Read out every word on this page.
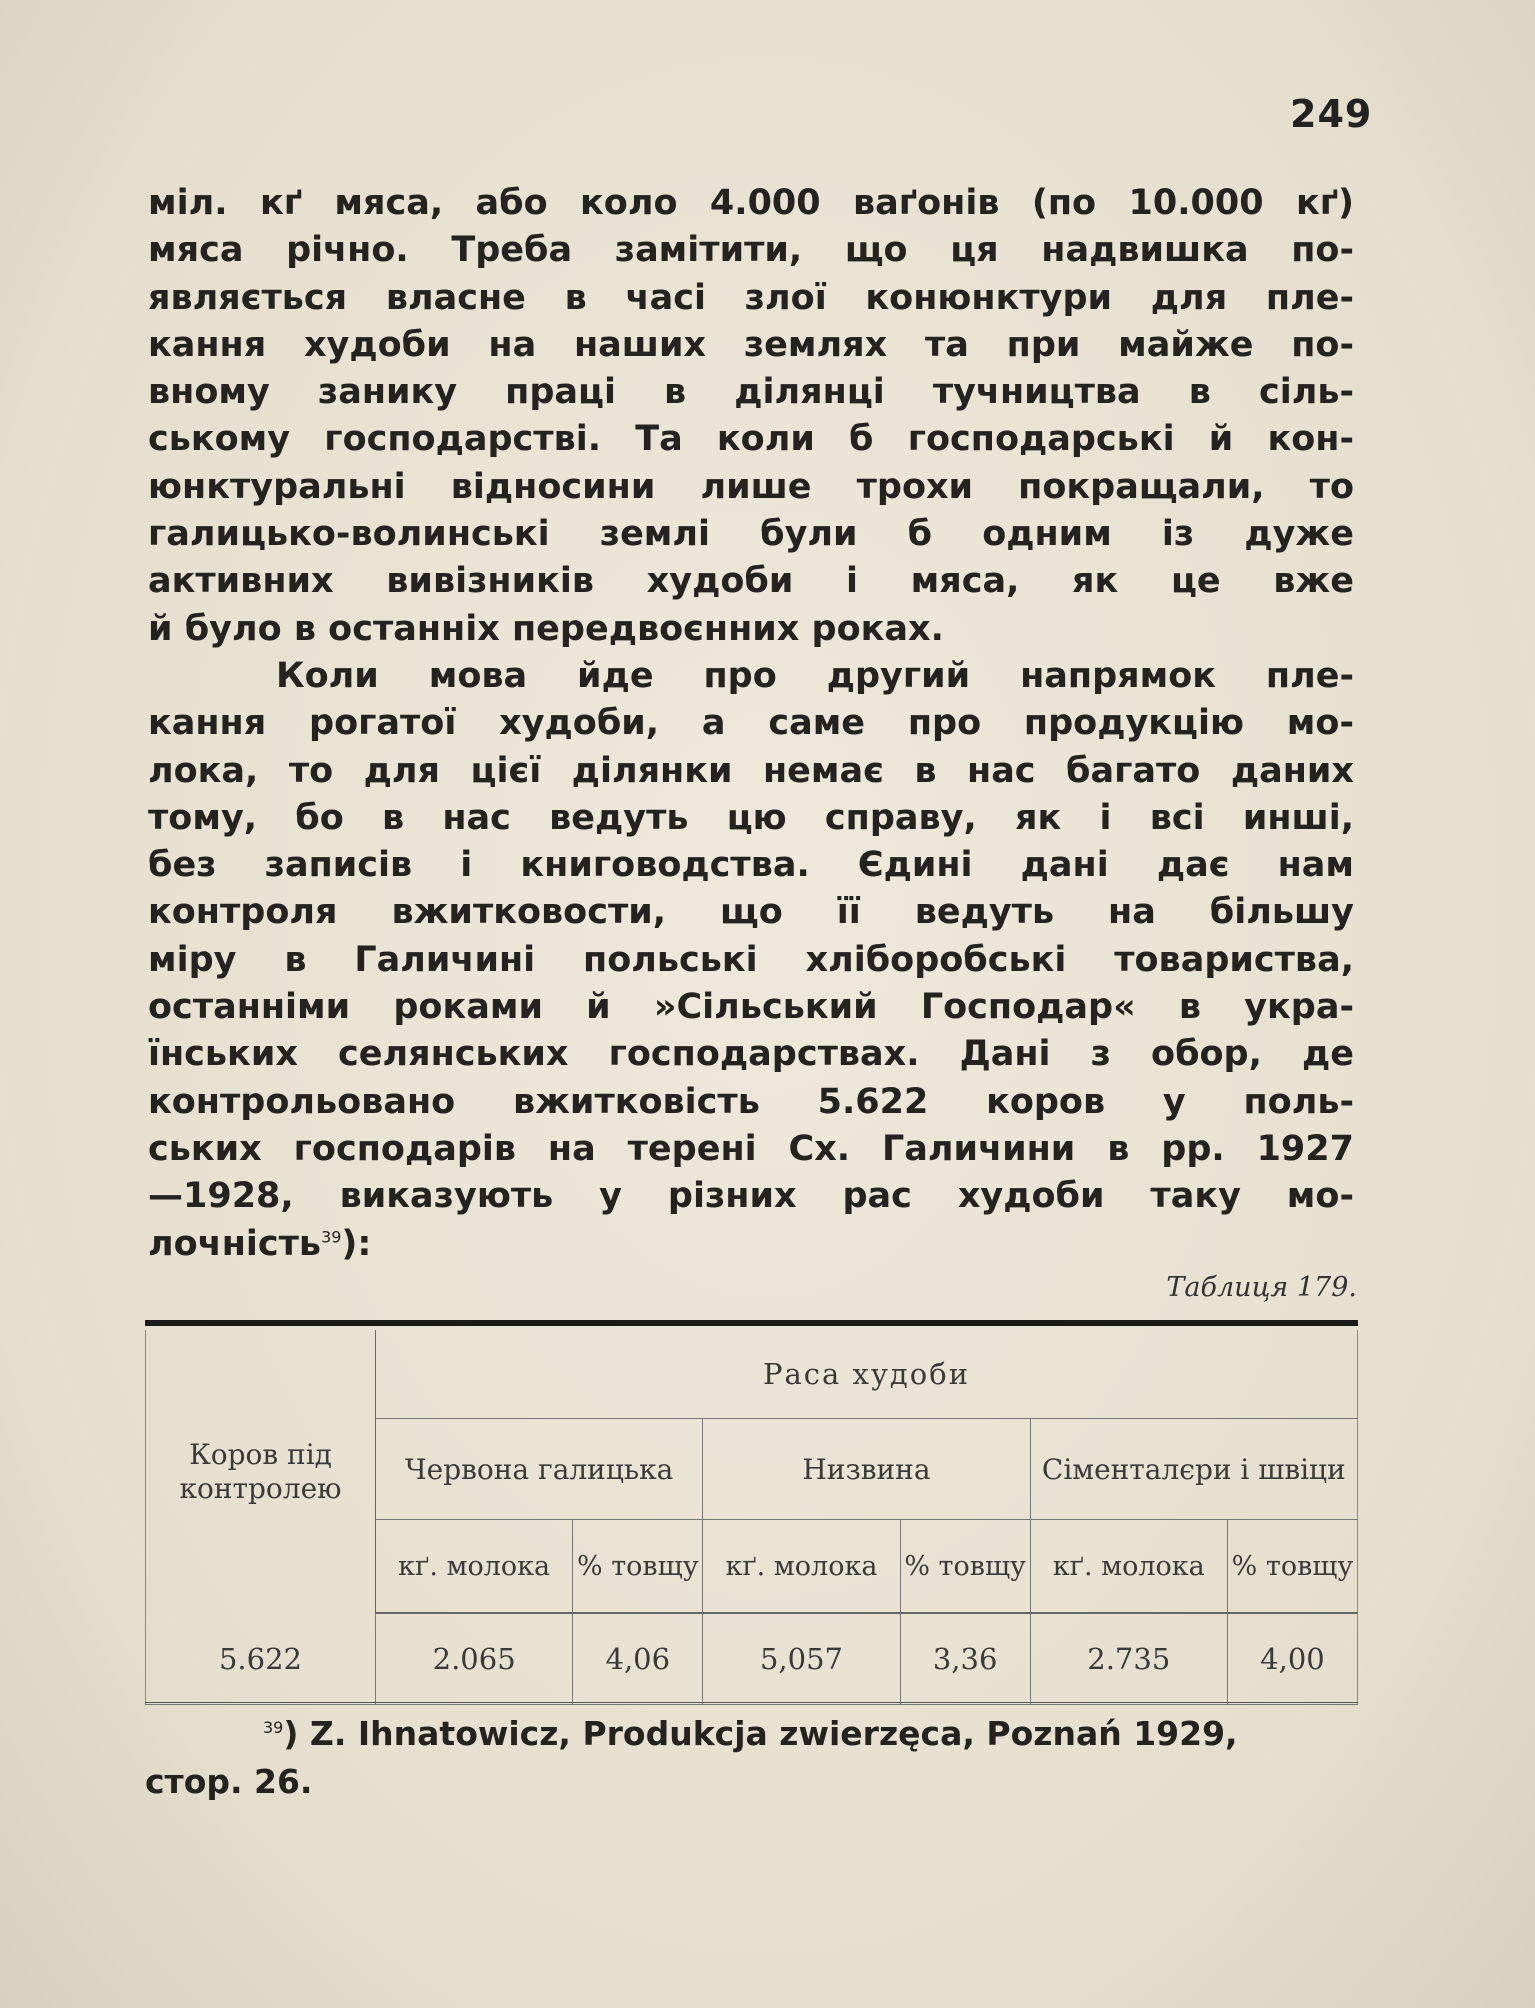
249
міл. кґ мяса, або коло 4.000 ваґонів (по 10.000 кґ)
мяса річно. Треба замітити, що ця надвишка по-
являється власне в часі злої конюнктури для пле-
кання худоби на наших землях та при майже по-
вному занику праці в ділянці тучництва в сіль-
ському господарстві. Та коли б господарські й кон-
юнктуральні відносини лише трохи покращали, то
галицько-волинські землі були б одним із дуже
активних вивізників худоби і мяса, як це вже
й було в останніх передвоєнних роках.
Коли мова йде про другий напрямок пле-
кання рогатої худоби, а саме про продукцію мо-
лока, то для цієї ділянки немає в нас багато даних
тому, бо в нас ведуть цю справу, як і всі инші,
без записів і книговодства. Єдині дані дає нам
контроля вжитковости, що її ведуть на більшу
міру в Галичині польські хліборобські товариства,
останніми роками й »Сільський Господар« в укра-
їнських селянських господарствах. Дані з обор, де
контрольовано вжитковість 5.622 коров у поль-
ських господарів на терені Сх. Галичини в рр. 1927
—1928, виказують у різних рас худоби таку мо-
лочність$^{39}$):
Таблиця 179.
Коров під контролею	Раса худоби					
	Червона галицька		Низвина		Сіменталєри і швіци	
	кґ. молока	% товщу	кґ. молока	% товщу	кґ. молока	% товщу
5.622	2.065	4,06	5,057	3,36	2.735	4,00
$^{39}$) Z. Ihnatowicz, Produkcja zwierzęca, Poznań 1929,
стор. 26.
